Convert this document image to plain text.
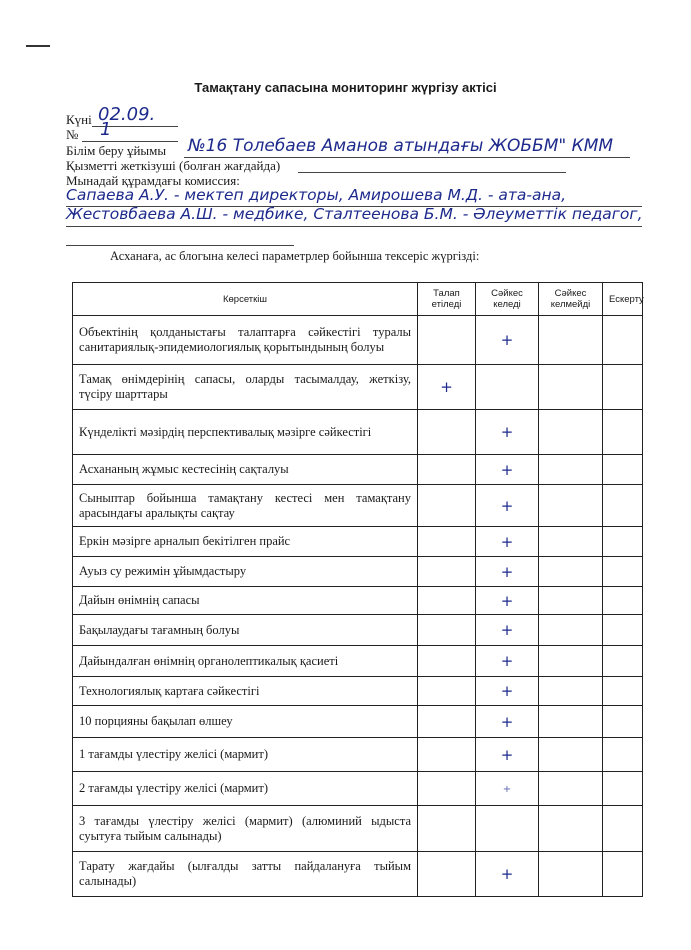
Тамақтану сапасына мониторинг жүргізу актісі
Күні 02.09.
№ 1
Білім беру ұйымы №16 Толебаев Аманов атындағы ЖОББМ" КММ
Қызметті жеткізуші (болған жағдайда)
Мынадай құрамдағы комиссия:
Сапаева А.У. - мектеп директоры, Амирошева М.Д. - ата-ана,
Жестовбаева А.Ш. - медбике, Сталтеенова Б.М. - Әлеуметтік педагог,
Асханаға, ас блогына келесі параметрлер бойынша тексеріс жүргізді:
Көрсеткіш	Талап етіледі	Сәйкес келеді	Сәйкес келмейді	Ескерту
Объектінің қолданыстағы талаптарға сәйкестігі туралы санитариялық-эпидемиологиялық қорытындының болуы		+		
Тамақ өнімдерінің сапасы, оларды тасымалдау, жеткізу, түсіру шарттары	+			
Күнделікті мәзірдің перспективалық мәзірге сәйкестігі		+		
Асхананың жұмыс кестесінің сақталуы		+		
Сыныптар бойынша тамақтану кестесі мен тамақтану арасындағы аралықты сақтау		+		
Еркін мәзірге арналып бекітілген прайс		+		
Ауыз су режимін ұйымдастыру		+		
Дайын өнімнің сапасы		+		
Бақылаудағы тағамның болуы		+		
Дайындалған өнімнің органолептикалық қасиеті		+		
Технологиялық картаға сәйкестігі		+		
10 порцияны бақылап өлшеу		+		
1 тағамды үлестіру желісі (мармит)		+		
2 тағамды үлестіру желісі (мармит)		+		
3 тағамды үлестіру желісі (мармит) (алюминий ыдыста суытуға тыйым салынады)				
Тарату жағдайы (ылғалды затты пайдалануға тыйым салынады)		+		
